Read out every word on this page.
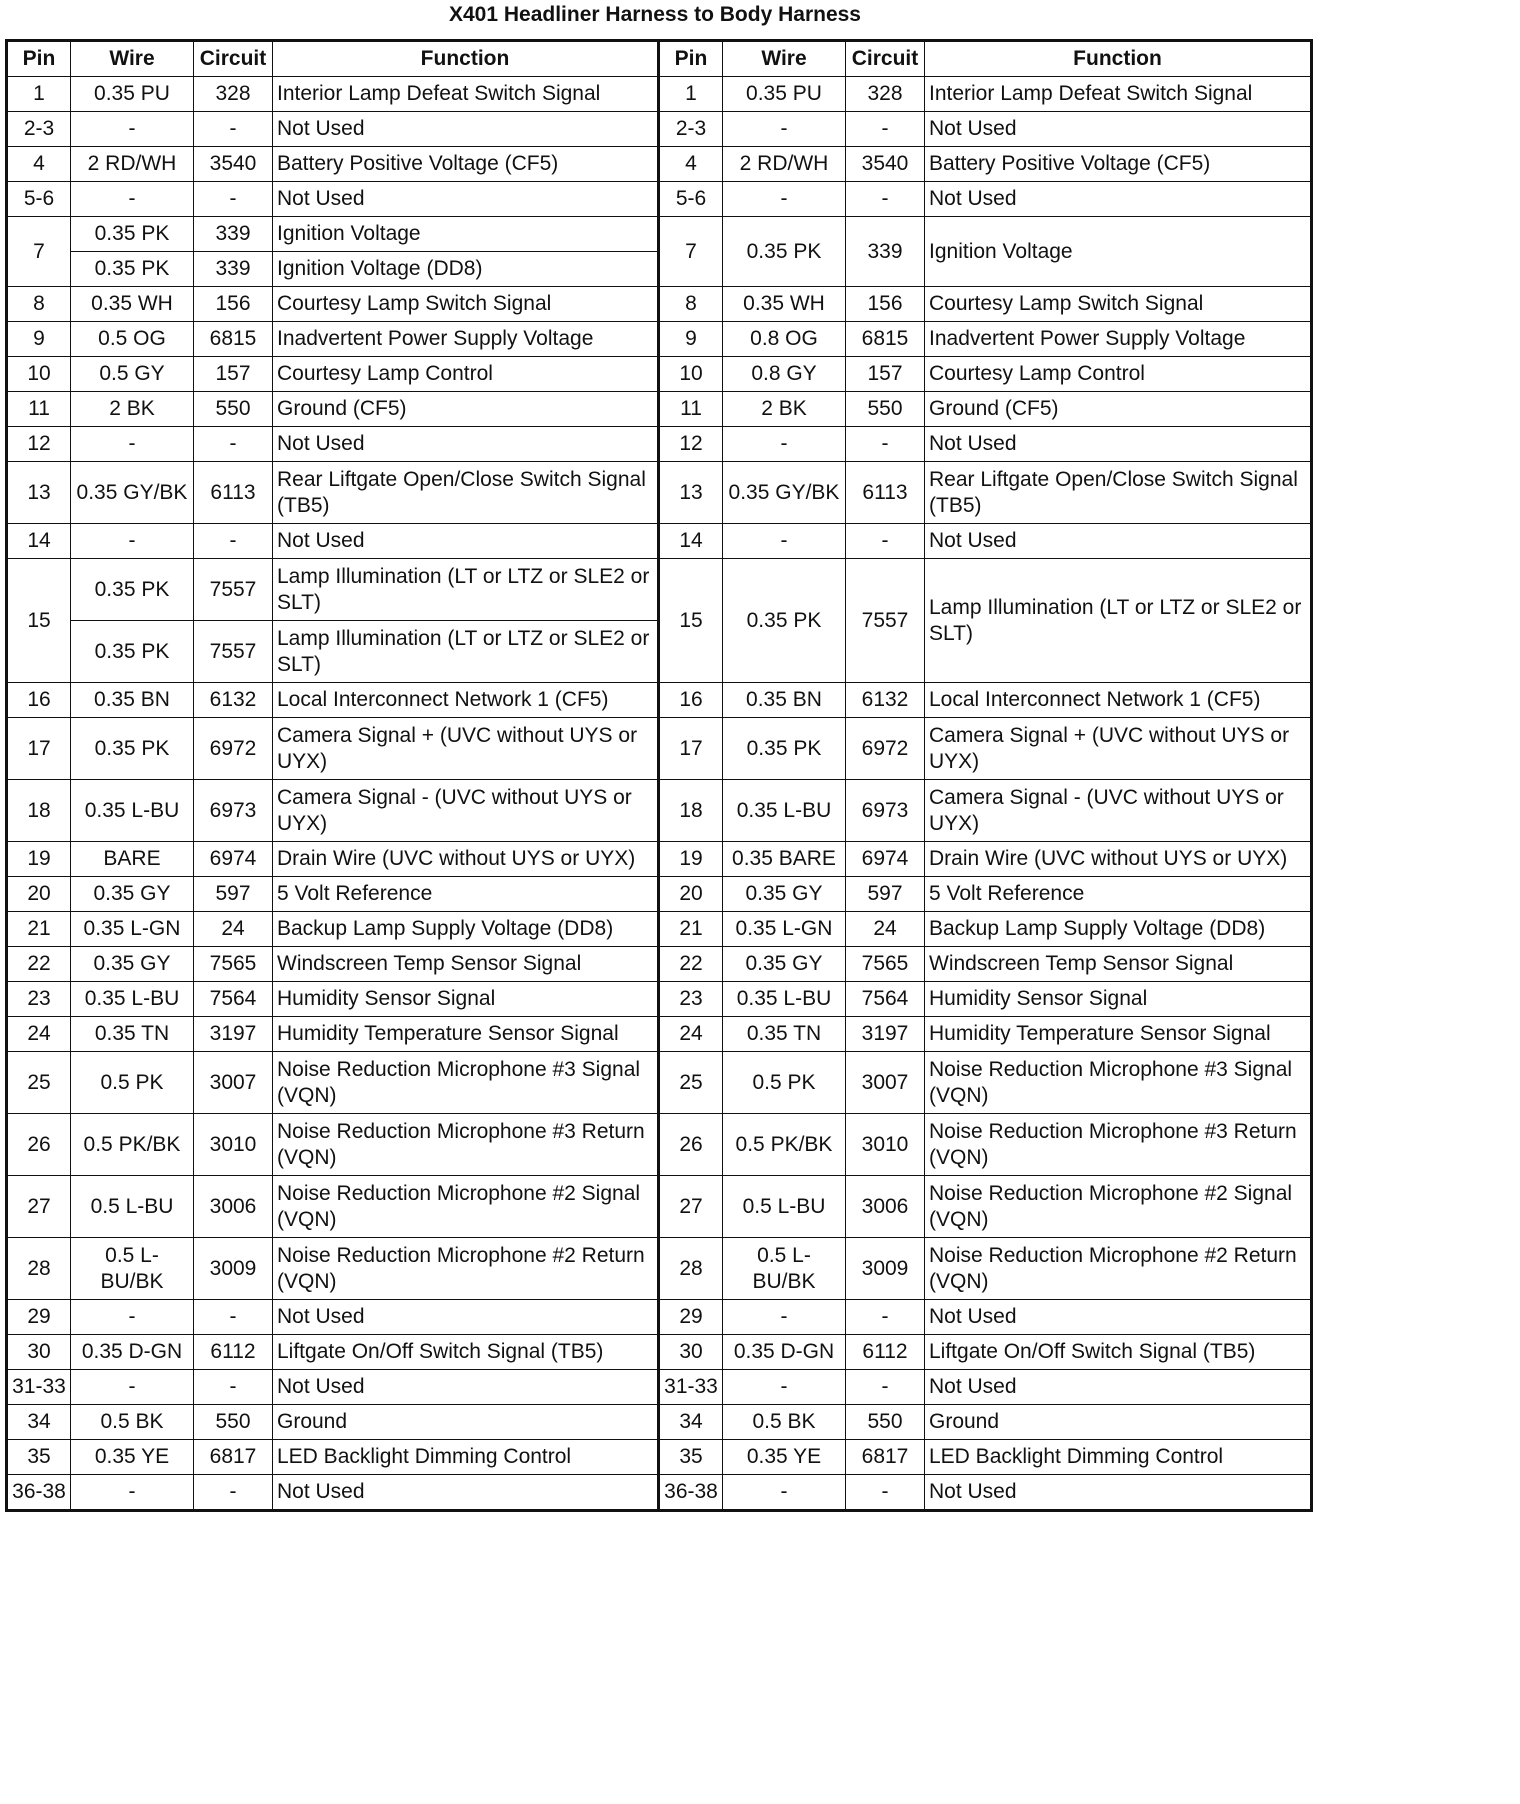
X401 Headliner Harness to Body Harness
Pin	Wire	Circuit	Function	Pin	Wire	Circuit	Function
1	0.35 PU	328	Interior Lamp Defeat Switch Signal	1	0.35 PU	328	Interior Lamp Defeat Switch Signal
2-3	-	-	Not Used	2-3	-	-	Not Used
4	2 RD/WH	3540	Battery Positive Voltage (CF5)	4	2 RD/WH	3540	Battery Positive Voltage (CF5)
5-6	-	-	Not Used	5-6	-	-	Not Used
7	0.35 PK	339	Ignition Voltage	7	0.35 PK	339	Ignition Voltage
	0.35 PK	339	Ignition Voltage (DD8)				
8	0.35 WH	156	Courtesy Lamp Switch Signal	8	0.35 WH	156	Courtesy Lamp Switch Signal
9	0.5 OG	6815	Inadvertent Power Supply Voltage	9	0.8 OG	6815	Inadvertent Power Supply Voltage
10	0.5 GY	157	Courtesy Lamp Control	10	0.8 GY	157	Courtesy Lamp Control
11	2 BK	550	Ground (CF5)	11	2 BK	550	Ground (CF5)
12	-	-	Not Used	12	-	-	Not Used
13	0.35 GY/BK	6113	Rear Liftgate Open/Close Switch Signal (TB5)	13	0.35 GY/BK	6113	Rear Liftgate Open/Close Switch Signal (TB5)
14	-	-	Not Used	14	-	-	Not Used
15	0.35 PK	7557	Lamp Illumination (LT or LTZ or SLE2 or SLT)	15	0.35 PK	7557	Lamp Illumination (LT or LTZ or SLE2 or SLT)
	0.35 PK	7557	Lamp Illumination (LT or LTZ or SLE2 or SLT)				
16	0.35 BN	6132	Local Interconnect Network 1 (CF5)	16	0.35 BN	6132	Local Interconnect Network 1 (CF5)
17	0.35 PK	6972	Camera Signal + (UVC without UYS or UYX)	17	0.35 PK	6972	Camera Signal + (UVC without UYS or UYX)
18	0.35 L-BU	6973	Camera Signal - (UVC without UYS or UYX)	18	0.35 L-BU	6973	Camera Signal - (UVC without UYS or UYX)
19	BARE	6974	Drain Wire (UVC without UYS or UYX)	19	0.35 BARE	6974	Drain Wire (UVC without UYS or UYX)
20	0.35 GY	597	5 Volt Reference	20	0.35 GY	597	5 Volt Reference
21	0.35 L-GN	24	Backup Lamp Supply Voltage (DD8)	21	0.35 L-GN	24	Backup Lamp Supply Voltage (DD8)
22	0.35 GY	7565	Windscreen Temp Sensor Signal	22	0.35 GY	7565	Windscreen Temp Sensor Signal
23	0.35 L-BU	7564	Humidity Sensor Signal	23	0.35 L-BU	7564	Humidity Sensor Signal
24	0.35 TN	3197	Humidity Temperature Sensor Signal	24	0.35 TN	3197	Humidity Temperature Sensor Signal
25	0.5 PK	3007	Noise Reduction Microphone #3 Signal (VQN)	25	0.5 PK	3007	Noise Reduction Microphone #3 Signal (VQN)
26	0.5 PK/BK	3010	Noise Reduction Microphone #3 Return (VQN)	26	0.5 PK/BK	3010	Noise Reduction Microphone #3 Return (VQN)
27	0.5 L-BU	3006	Noise Reduction Microphone #2 Signal (VQN)	27	0.5 L-BU	3006	Noise Reduction Microphone #2 Signal (VQN)
28	0.5 L-BU/BK	3009	Noise Reduction Microphone #2 Return (VQN)	28	0.5 L-BU/BK	3009	Noise Reduction Microphone #2 Return (VQN)
29	-	-	Not Used	29	-	-	Not Used
30	0.35 D-GN	6112	Liftgate On/Off Switch Signal (TB5)	30	0.35 D-GN	6112	Liftgate On/Off Switch Signal (TB5)
31-33	-	-	Not Used	31-33	-	-	Not Used
34	0.5 BK	550	Ground	34	0.5 BK	550	Ground
35	0.35 YE	6817	LED Backlight Dimming Control	35	0.35 YE	6817	LED Backlight Dimming Control
36-38	-	-	Not Used	36-38	-	-	Not Used
